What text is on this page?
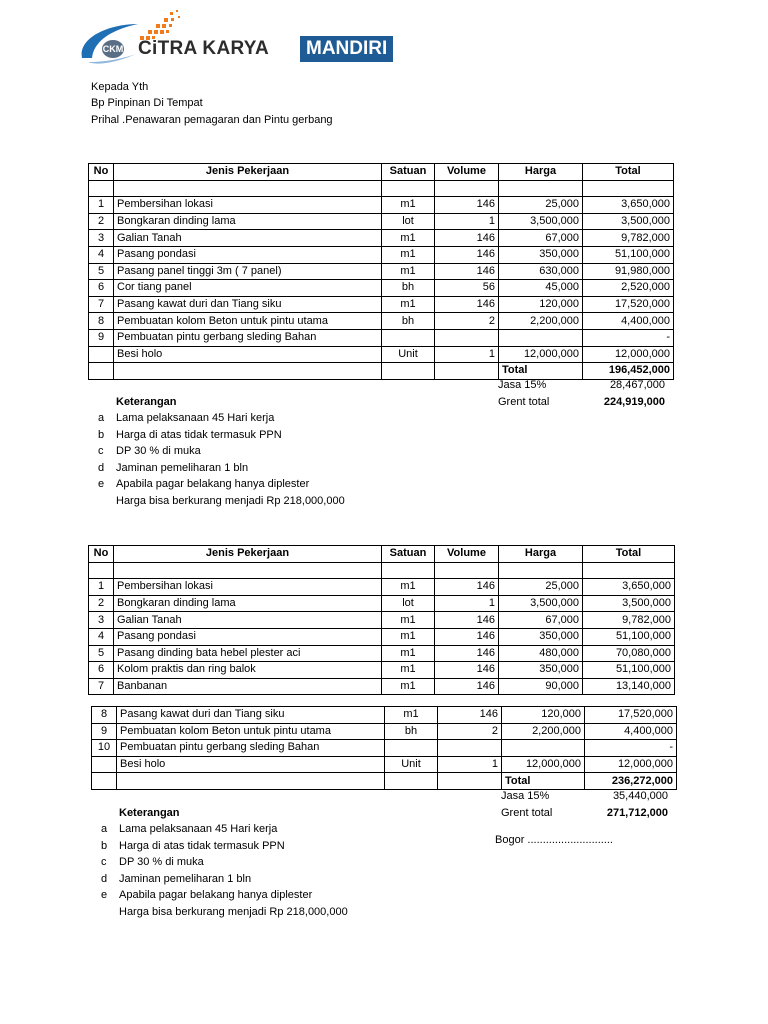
CKM CiTRA KARYA	MANDIRI
Kepada Yth
Bp Pinpinan Di Tempat
Prihal .Penawaran pemagaran dan Pintu gerbang
No	Jenis Pekerjaan	Satuan	Volume	Harga	Total

1	Pembersihan lokasi	m1	146	25,000	3,650,000
2	Bongkaran dinding lama	lot	1	3,500,000	3,500,000
3	Galian Tanah	m1	146	67,000	9,782,000
4	Pasang pondasi	m1	146	350,000	51,100,000
5	Pasang panel tinggi 3m ( 7 panel)	m1	146	630,000	91,980,000
6	Cor tiang panel	bh	56	45,000	2,520,000
7	Pasang kawat duri dan Tiang siku	m1	146	120,000	17,520,000
8	Pembuatan kolom Beton untuk pintu utama	bh	2	2,200,000	4,400,000
9	Pembuatan pintu gerbang sleding Bahan				-
	Besi holo	Unit	1	12,000,000	12,000,000
				Total	196,452,000
Jasa 15%	28,467,000
Grent total	224,919,000
Keterangan
a Lama pelaksanaan 45 Hari kerja
b Harga di atas tidak termasuk PPN
c DP 30 % di muka
d Jaminan pemeliharan 1 bln
e Apabila pagar belakang hanya diplester
Harga bisa berkurang menjadi Rp 218,000,000
No	Jenis Pekerjaan	Satuan	Volume	Harga	Total

1	Pembersihan lokasi	m1	146	25,000	3,650,000
2	Bongkaran dinding lama	lot	1	3,500,000	3,500,000
3	Galian Tanah	m1	146	67,000	9,782,000
4	Pasang pondasi	m1	146	350,000	51,100,000
5	Pasang dinding bata hebel plester aci	m1	146	480,000	70,080,000
6	Kolom praktis dan ring balok	m1	146	350,000	51,100,000
7	Banbanan	m1	146	90,000	13,140,000
8	Pasang kawat duri dan Tiang siku	m1	146	120,000	17,520,000
9	Pembuatan kolom Beton untuk pintu utama	bh	2	2,200,000	4,400,000
10	Pembuatan pintu gerbang sleding Bahan				-
	Besi holo	Unit	1	12,000,000	12,000,000
				Total	236,272,000
Jasa 15%	35,440,000
Grent total	271,712,000
Bogor ............................
Keterangan
a Lama pelaksanaan 45 Hari kerja
b Harga di atas tidak termasuk PPN
c DP 30 % di muka
d Jaminan pemeliharan 1 bln
e Apabila pagar belakang hanya diplester
Harga bisa berkurang menjadi Rp 218,000,000
